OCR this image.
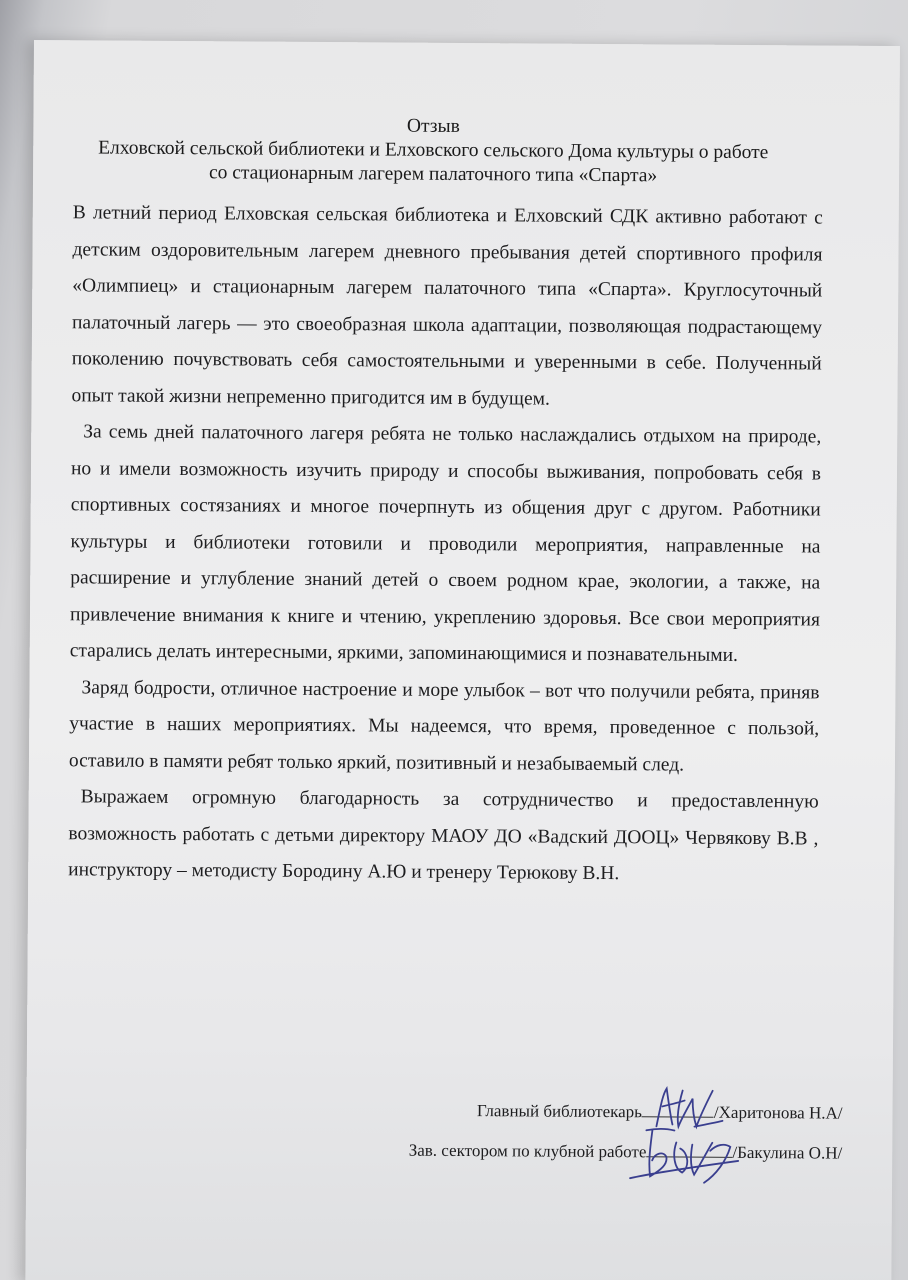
Отзыв
Елховской сельской библиотеки и Елховского сельского Дома культуры о работе
со стационарным лагерем палаточного типа «Спарта»

В летний период Елховская сельская библиотека и Елховский СДК активно работают с детским оздоровительным лагерем дневного пребывания детей спортивного профиля «Олимпиец» и стационарным лагерем палаточного типа «Спарта». Круглосуточный палаточный лагерь — это своеобразная школа адаптации, позволяющая подрастающему поколению почувствовать себя самостоятельными и уверенными в себе. Полученный опыт такой жизни непременно пригодится им в будущем.

За семь дней палаточного лагеря ребята не только наслаждались отдыхом на природе, но и имели возможность изучить природу и способы выживания, попробовать себя в спортивных состязаниях и многое почерпнуть из общения друг с другом. Работники культуры и библиотеки готовили и проводили мероприятия, направленные на расширение и углубление знаний детей о своем родном крае, экологии, а также, на привлечение внимания к книге и чтению, укреплению здоровья. Все свои мероприятия старались делать интересными, яркими, запоминающимися и познавательными.

Заряд бодрости, отличное настроение и море улыбок – вот что получили ребята, приняв участие в наших мероприятиях. Мы надеемся, что время, проведенное с пользой, оставило в памяти ребят только яркий, позитивный и незабываемый след.

Выражаем огромную благодарность за сотрудничество и предоставленную возможность работать с детьми директору МАОУ ДО «Вадский ДООЦ» Червякову В.В , инструктору – методисту Бородину А.Ю и тренеру Терюкову В.Н.

Главный библиотекарь	/Харитонова Н.А/
Зав. сектором по клубной работе	/Бакулина О.Н/
